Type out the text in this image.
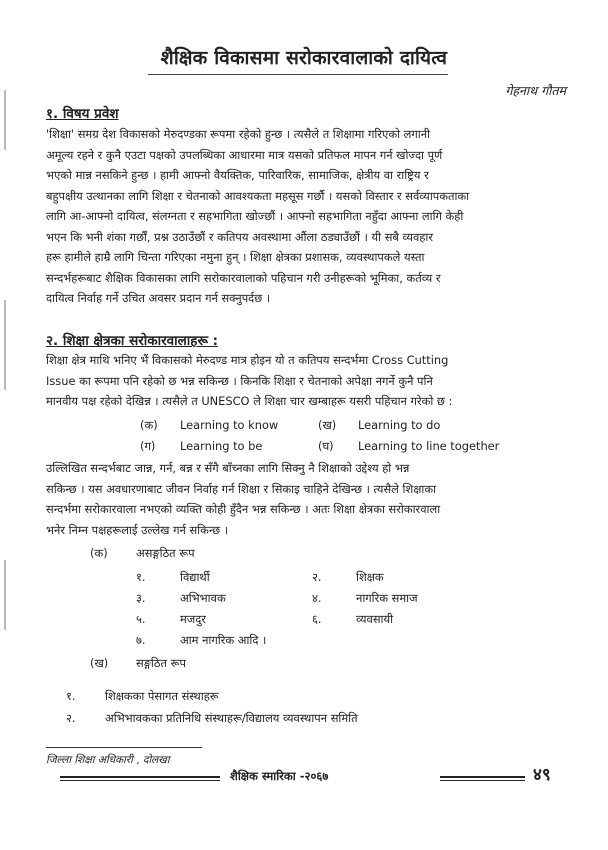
शैक्षिक विकासमा सरोकारवालाको दायित्व
गेहनाथ गौतम
१. विषय प्रवेश
'शिक्षा' समग्र देश विकासको मेरुदण्डका रूपमा रहेको हुन्छ । त्यसैले त शिक्षामा गरिएको लगानी
अमूल्य रहने र कुनै एउटा पक्षको उपलब्धिका आधारमा मात्र यसको प्रतिफल मापन गर्न खोज्दा पूर्ण
भएको मान्न नसकिने हुन्छ । हामी आफ्नो वैयक्तिक, पारिवारिक, सामाजिक, क्षेत्रीय वा राष्ट्रिय र
बहुपक्षीय उत्थानका लागि शिक्षा र चेतनाको आवश्यकता महसूस गर्छौ । यसको विस्तार र सर्वव्यापकताका
लागि आ-आफ्नो दायित्व, संलग्नता र सहभागिता खोज्छौं । आफ्नो सहभागिता नहुँदा आफ्ना लागि केही
भएन कि भनी शंका गर्छौं, प्रश्न उठाउँछौं र कतिपय अवस्थामा औंला ठड्याउँछौं । यी सबै व्यवहार
हरू हामीले हाम्रै लागि चिन्ता गरिएका नमुना हुन् । शिक्षा क्षेत्रका प्रशासक, व्यवस्थापकले यस्ता
सन्दर्भहरूबाट शैक्षिक विकासका लागि सरोकारवालाको पहिचान गरी उनीहरूको भूमिका, कर्तव्य र
दायित्व निर्वाह गर्ने उचित अवसर प्रदान गर्न सक्नुपर्दछ ।
२. शिक्षा क्षेत्रका सरोकारवालाहरू :
शिक्षा क्षेत्र माथि भनिए भैं विकासको मेरुदण्ड मात्र होइन यो त कतिपय सन्दर्भमा Cross Cutting
Issue का रूपमा पनि रहेको छ भन्न सकिन्छ । किनकि शिक्षा र चेतनाको अपेक्षा नगर्ने कुनै पनि
मानवीय पक्ष रहेको देखिन्न । त्यसैले त UNESCO ले शिक्षा चार खम्बाहरू यसरी पहिचान गरेको छ :
(क) Learning to know	(ख) Learning to do
(ग) Learning to be	(घ) Learning to line together
उल्लिखित सन्दर्भबाट जान्न, गर्न, बन्न र सँगै बाँच्नका लागि सिक्नु नै शिक्षाको उद्देश्य हो भन्न
सकिन्छ । यस अवधारणाबाट जीवन निर्वाह गर्न शिक्षा र सिकाइ चाहिने देखिन्छ । त्यसैले शिक्षाका
सन्दर्भमा सरोकारवाला नभएको व्यक्ति कोही हुँदैन भन्न सकिन्छ । अतः शिक्षा क्षेत्रका सरोकारवाला
भनेर निम्न पक्षहरूलाई उल्लेख गर्न सकिन्छ ।
(क) असङ्गठित रूप
१.	विद्यार्थी	२.	शिक्षक
३.	अभिभावक	४.	नागरिक समाज
५.	मजदुर	६.	व्यवसायी
७.	आम नागरिक आदि ।
(ख) सङ्गठित रूप
१.	शिक्षकका पेसागत संस्थाहरू
२.	अभिभावकका प्रतिनिधि संस्थाहरू/विद्यालय व्यवस्थापन समिति
जिल्ला शिक्षा अधिकारी , दोलखा
शैक्षिक स्मारिका -२०६७	४९
